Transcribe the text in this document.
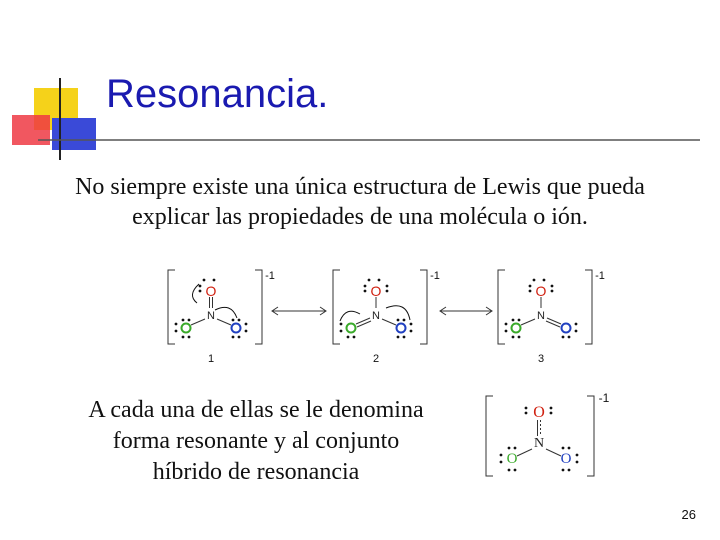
N
O
-1
1
N
O
-1
2
N
O
-1
3
O
N
O	O
-1
Resonancia.
No siempre existe una única estructura de Lewis que pueda
explicar las propiedades de una molécula o ión.
A cada una de ellas se le denomina
forma resonante y al conjunto
híbrido de resonancia
26
